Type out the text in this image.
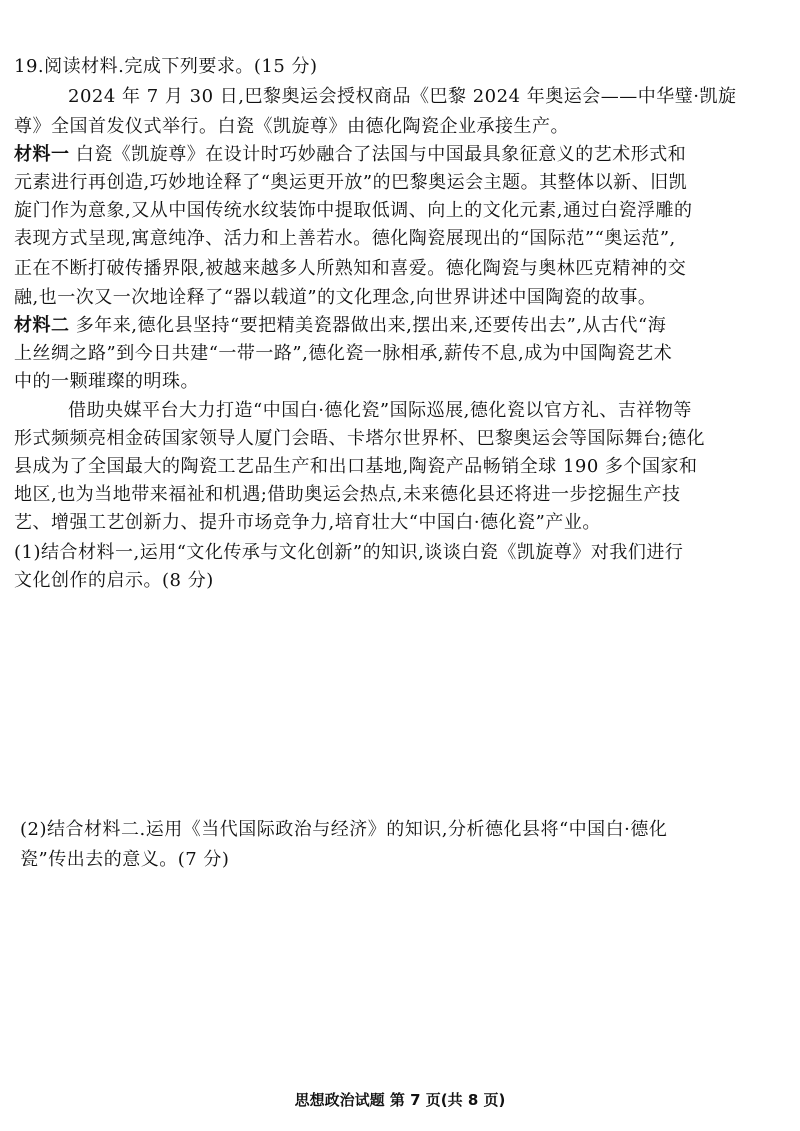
19.阅读材料.完成下列要求。(15 分)
2024 年 7 月 30 日,巴黎奥运会授权商品《巴黎 2024 年奥运会——中华璧·凯旋
尊》全国首发仪式举行。白瓷《凯旋尊》由德化陶瓷企业承接生产。
材料一 白瓷《凯旋尊》在设计时巧妙融合了法国与中国最具象征意义的艺术形式和
元素进行再创造,巧妙地诠释了“奥运更开放”的巴黎奥运会主题。其整体以新、旧凯
旋门作为意象,又从中国传统水纹装饰中提取低调、向上的文化元素,通过白瓷浮雕的
表现方式呈现,寓意纯净、活力和上善若水。德化陶瓷展现出的“国际范”“奥运范”,
正在不断打破传播界限,被越来越多人所熟知和喜爱。德化陶瓷与奥林匹克精神的交
融,也一次又一次地诠释了“器以载道”的文化理念,向世界讲述中国陶瓷的故事。
材料二 多年来,德化县坚持“要把精美瓷器做出来,摆出来,还要传出去”,从古代“海
上丝绸之路”到今日共建“一带一路”,德化瓷一脉相承,薪传不息,成为中国陶瓷艺术
中的一颗璀璨的明珠。
借助央媒平台大力打造“中国白·德化瓷”国际巡展,德化瓷以官方礼、吉祥物等
形式频频亮相金砖国家领导人厦门会晤、卡塔尔世界杯、巴黎奥运会等国际舞台;德化
县成为了全国最大的陶瓷工艺品生产和出口基地,陶瓷产品畅销全球 190 多个国家和
地区,也为当地带来福祉和机遇;借助奥运会热点,未来德化县还将进一步挖掘生产技
艺、增强工艺创新力、提升市场竞争力,培育壮大“中国白·德化瓷”产业。
(1)结合材料一,运用“文化传承与文化创新”的知识,谈谈白瓷《凯旋尊》对我们进行
文化创作的启示。(8 分)
(2)结合材料二.运用《当代国际政治与经济》的知识,分析德化县将“中国白·德化
瓷”传出去的意义。(7 分)
思想政治试题 第 7 页(共 8 页)
